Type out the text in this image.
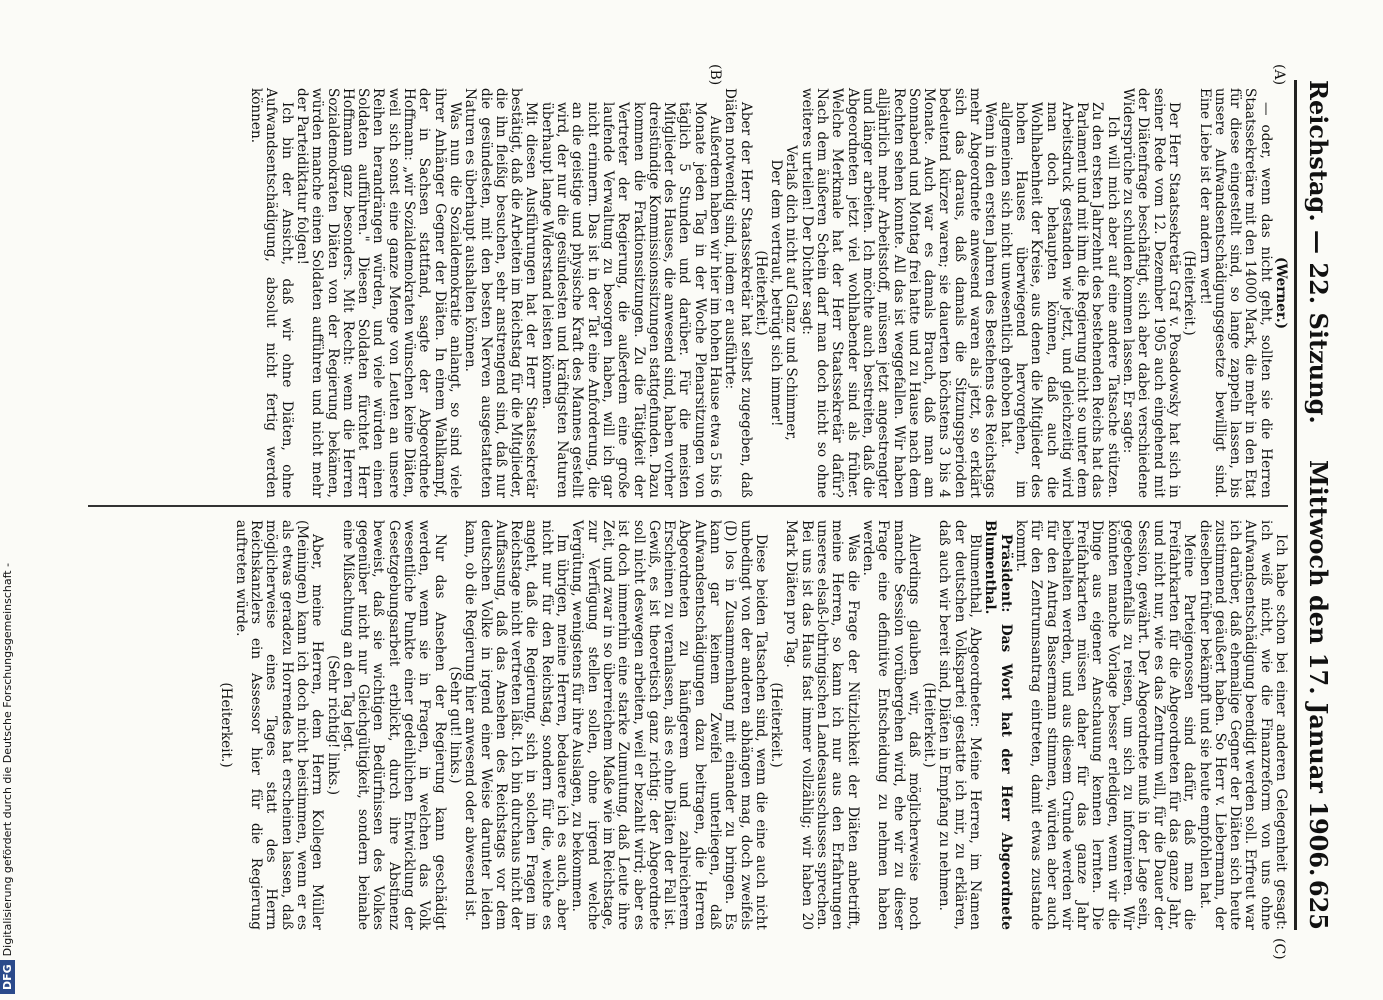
Reichstag. — 22. Sitzung.
Mittwoch den 17. Januar 1906.
625
(A)
(B)
(C)

(Werner.)

— oder, wenn das nicht geht, sollten sie die Herren Staatssekretäre mit den 14000 Mark, die mehr in den Etat für diese eingestellt sind, so lange zappeln lassen, bis unsere Aufwandsentschädigungsgesetze bewilligt sind. Eine Liebe ist der andern wert!

(Heiterkeit.)

Der Herr Staatssekretär Graf v. Posadowsky hat sich in seiner Rede vom 12. Dezember 1905 auch eingehend mit der Diätenfrage beschäftigt, sich aber dabei verschiedene Widersprüche zu schulden kommen lassen. Er sagte:

Ich will mich aber auf eine andere Tatsache stützen. Zu den ersten Jahrzehnt des bestehenden Reichs hat das Parlament und mit ihm die Regierung nicht so unter dem Arbeitsdruck gestanden wie jetzt, und gleichzeitig wird man doch behaupten können, daß auch die Wohlhabenheit der Kreise, aus denen die Mitglieder des hohen Hauses überwiegend hervorgehen, im allgemeinen sich nicht unwesentlich gehoben hat.

Wenn in den ersten Jahren des Bestehens des Reichstags mehr Abgeordnete anwesend waren als jetzt, so erklärt sich das daraus, daß damals die Sitzungsperioden bedeutend kürzer waren; sie dauerten höchstens 3 bis 4 Monate. Auch war es damals Brauch, daß man am Sonnabend und Montag frei hatte und zu Hause nach dem Rechten sehen konnte. All das ist weggefallen. Wir haben alljährlich mehr Arbeitsstoff, müssen jetzt angestrengter und länger arbeiten. Ich möchte auch bestreiten, daß die Abgeordneten jetzt viel wohlhabender sind als früher. Welche Merkmale hat der Herr Staatssekretär dafür? Nach dem äußeren Schein darf man doch nicht so ohne weiteres urteilen! Der Dichter sagt:

Verlaß dich nicht auf Glanz und Schimmer,

Der dem vertraut, betrügt sich immer!

(Heiterkeit.)

Aber der Herr Staatssekretär hat selbst zugegeben, daß Diäten notwendig sind, indem er ausführte:

Außerdem haben wir hier im hohen Hause etwa 5 bis 6 Monate jeden Tag in der Woche Plenarsitzungen von täglich 5 Stunden und darüber. Für die meisten Mitglieder des Hauses, die anwesend sind, haben vorher dreistündige Kommissionssitzungen stattgefunden. Dazu kommen die Fraktionssitzungen. Zu die Tätigkeit der Vertreter der Regierung, die außerdem eine große laufende Verwaltung zu besorgen haben, will ich gar nicht erinnern. Das ist in der Tat eine Anforderung, die an die geistige und physische Kraft des Mannes gestellt wird, der nur die gesündesten und kräftigsten Naturen überhaupt lange Widerstand leisten können.

Mit diesen Ausführungen hat der Herr Staatssekretär bestätigt, daß die Arbeiten im Reichstag für die Mitglieder, die ihn fleißig besuchen, sehr anstrengend sind, daß nur die gesündesten, mit den besten Nerven ausgestatteten Naturen es überhaupt aushalten können.

Was nun die Sozialdemokratie anlangt, so sind viele ihrer Anhänger Gegner der Diäten. In einem Wahlkampf, der in Sachsen stattfand, sagte der Abgeordnete Hoffmann: „wir Sozialdemokraten wünschen keine Diäten, weil sich sonst eine ganze Menge von Leuten an unsere Reihen herandrängen würden, und viele würden einen Soldaten aufführen." Diesen Soldaten fürchtet Herr Hoffmann ganz besonders. Mit Recht: wenn die Herren Sozialdemokraten Diäten von der Regierung bekämen, würden manche einen Soldaten aufführen und nicht mehr der Parteidiktatur folgen!

Ich bin der Ansicht, daß wir ohne Diäten, ohne Aufwandsentschädigung, absolut nicht fertig werden können.

Ich habe schon bei einer anderen Gelegenheit gesagt: ich weiß nicht, wie die Finanzreform von uns ohne Aufwandsentschädigung beendigt werden soll. Erfreut war ich darüber, daß ehemalige Gegner der Diäten sich heute zustimmend geäußert haben. So Herr v. Liebermann, der dieselben früher bekämpft und sie heute empfohlen hat.

Meine Parteigenossen sind dafür, daß man die Freifahrkarten für die Abgeordneten für das ganze Jahr, und nicht nur, wie es das Zentrum will, für die Dauer der Session, gewährt. Der Abgeordnete muß in der Lage sein, gegebenenfalls zu reisen, um sich zu informieren. Wir könnten manche Vorlage besser erledigen, wenn wir die Dinge aus eigener Anschauung kennen lernten. Die Freifahrkarten müssen daher für das ganze Jahr beibehalten werden, und aus diesem Grunde werden wir für den Antrag Bassermann stimmen, würden aber auch für den Zentrumsantrag eintreten, damit etwas zustande kommt.

Präsident: Das Wort hat der Herr Abgeordnete Blumenthal.

Blumenthal, Abgeordneter: Meine Herren, im Namen der deutschen Volkspartei gestatte ich mir, zu erklären, daß auch wir bereit sind, Diäten in Empfang zu nehmen.

(Heiterkeit.)

Allerdings glauben wir, daß möglicherweise noch manche Session vorübergehen wird, ehe wir zu dieser Frage eine definitive Entscheidung zu nehmen haben werden.

Was die Frage der Nützlichkeit der Diäten anbetrifft, meine Herren, so kann ich nur aus den Erfahrungen unseres elsaß-lothringischen Landesausschusses sprechen. Bei uns ist das Haus fast immer vollzählig; wir haben 20 Mark Diäten pro Tag.

(Heiterkeit.)

Diese beiden Tatsachen sind, wenn die eine auch nicht unbedingt von der anderen abhängen mag, doch zweifels (D) los in Zusammenhang mit einander zu bringen. Es kann gar keinem Zweifel unterliegen, daß Aufwandsentschädigungen dazu beitragen, die Herren Abgeordneten zu häufigerem und zahlreicherem Erscheinen zu veranlassen, als es ohne Diäten der Fall ist. Gewiß, es ist theoretisch ganz richtig: der Abgeordnete soll nicht deswegen arbeiten, weil er bezahlt wird; aber es ist doch immerhin eine starke Zumutung, daß Leute ihre Zeit, und zwar in so überreichem Maße wie im Reichstage, zur Verfügung stellen sollen, ohne irgend welche Vergütung, wenigstens für ihre Auslagen, zu bekommen.

Im übrigen, meine Herren, bedauere ich es auch, aber nicht nur für den Reichstag, sondern für die, welche es angeht, daß die Regierung, sich in solchen Fragen im Reichstage nicht vertreten läßt. Ich bin durchaus nicht der Auffassung, daß das Ansehen des Reichstags vor dem deutschen Volke in irgend einer Weise darunter leiden kann, ob die Regierung hier anwesend oder abwesend ist.

(Sehr gut! links.)

Nur das Ansehen der Regierung kann geschädigt werden, wenn sie in Fragen, in welchen das Volk wesentliche Punkte einer gedeihlichen Entwicklung der Gesetzgebungsarbeit erblickt, durch ihre Abstinenz beweist, daß sie wichtigen Bedürfnissen des Volkes gegenüber nicht nur Gleichgültigkeit, sondern beinahe eine Mißachtung an den Tag legt.

(Sehr richtig! links.)

Aber, meine Herren, dem Herrn Kollegen Müller (Meiningen) kann ich doch nicht beistimmen, wenn er es als etwas geradezu Horrendes hat erscheinen lassen, daß möglicherweise eines Tages statt des Herrn Reichskanzlers ein Assessor hier für die Regierung auftreten würde.

(Heiterkeit.)

DFGDigitalisierung gefördert durch die Deutsche Forschungsgemeinschaft -
